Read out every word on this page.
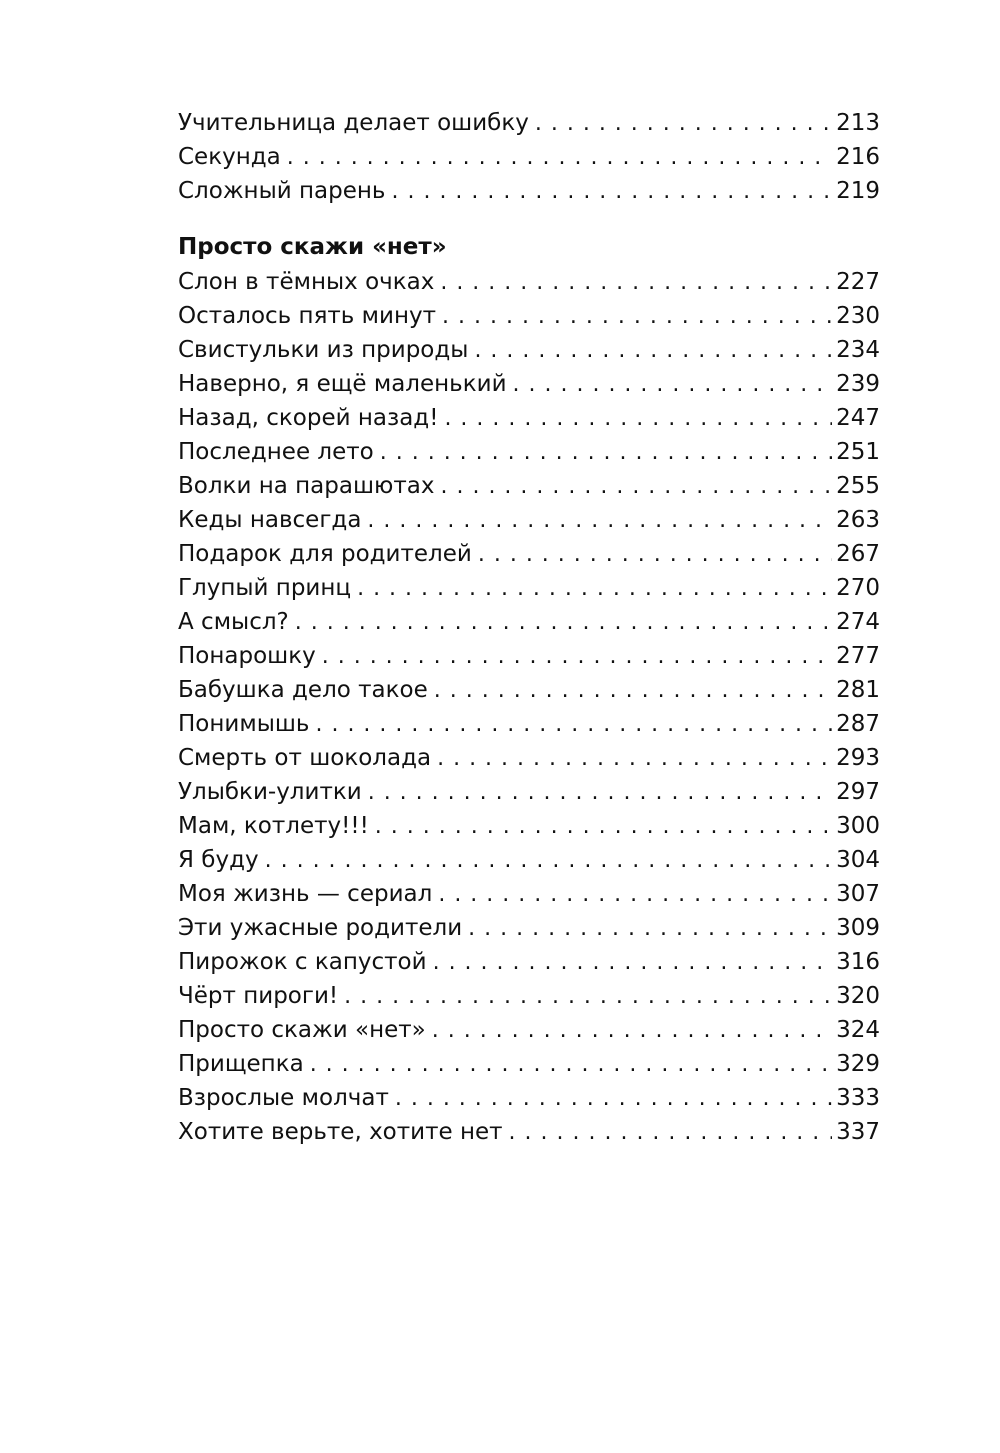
Учительница делает ошибку . . .	213
Секунда . . .	216
Сложный парень . . .	219
Просто скажи «нет»
Слон в тёмных очках . . .	227
Осталось пять минут . . .	230
Свистульки из природы . . .	234
Наверно, я ещё маленький . . .	239
Назад, скорей назад! . . .	247
Последнее лето . . .	251
Волки на парашютах . . .	255
Кеды навсегда . . .	263
Подарок для родителей . . .	267
Глупый принц . . .	270
А смысл? . . .	274
Понарошку . . .	277
Бабушка дело такое . . .	281
Понимышь . . .	287
Смерть от шоколада . . .	293
Улыбки-улитки . . .	297
Мам, котлету!!! . . .	300
Я буду . . .	304
Моя жизнь — сериал . . .	307
Эти ужасные родители . . .	309
Пирожок с капустой . . .	316
Чёрт пироги! . . .	320
Просто скажи «нет» . . .	324
Прищепка . . .	329
Взрослые молчат . . .	333
Хотите верьте, хотите нет . . .	337
